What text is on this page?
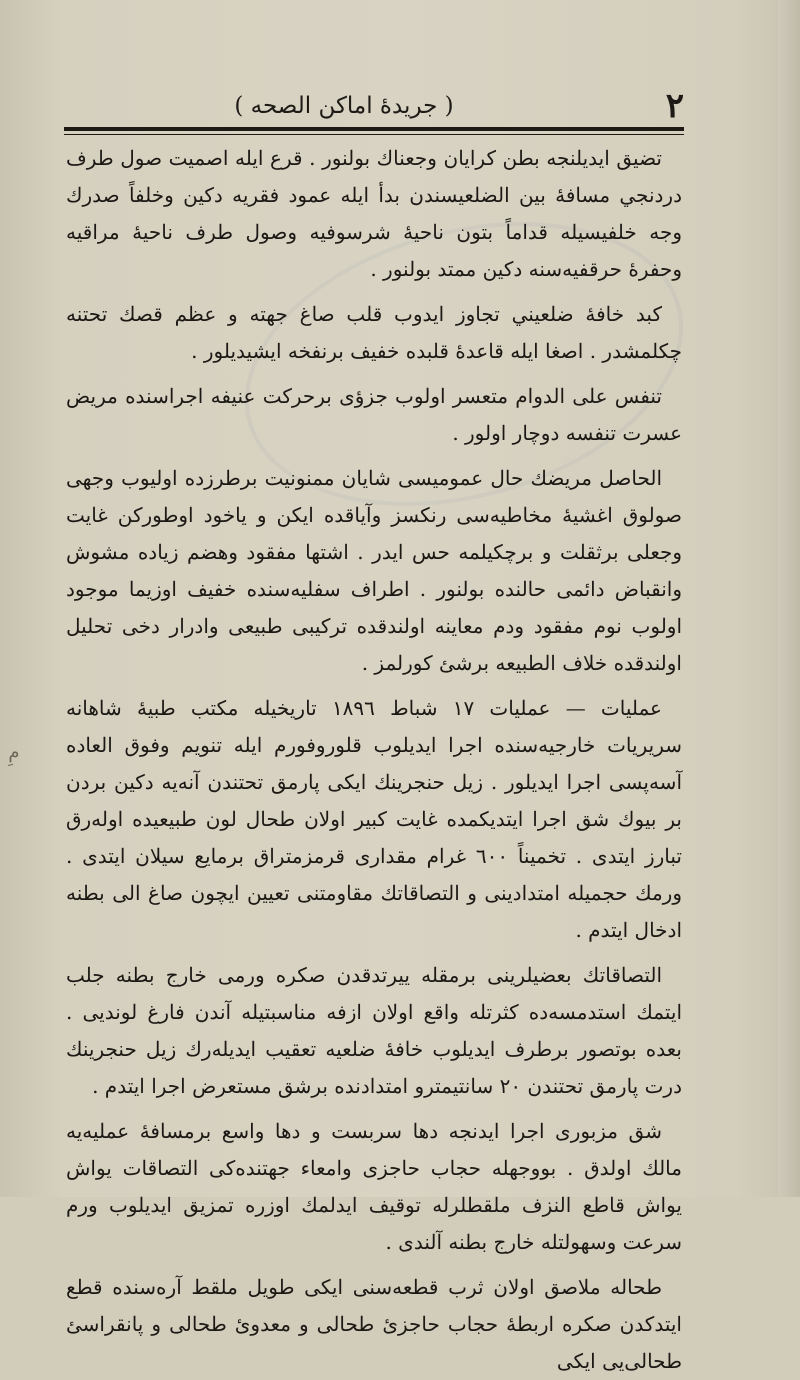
۲
( جريدهٔ اماكن الصحه )
مِ

تضيق ايديلنجه بطن كرايان وجعناك بولنور . قرع ايله اصميت صول طرف دردنجي مسافهٔ بين الضلعيسندن بدأ ايله عمود فقريه دكين وخلفاً صدرك وجه خلفيسيله قداماً بتون ناحيهٔ شرسوفيه وصول طرف ناحيهٔ مراقيه وحفرهٔ حرقفيه‌سنه دكين ممتد بولنور .

كبد خافهٔ ضلعيني تجاوز ايدوب قلب صاغ جهته و عظم قصك تحتنه چكلمشدر . اصغا ايله قاعدهٔ قلبده خفيف برنفخه ايشيديلور .

تنفس على الدوام متعسر اولوب جزؤى برحركت عنيفه اجراسنده مريض عسرت تنفسه دوچار اولور .

الحاصل مريضك حال عموميسى شايان ممنونيت برطرزده اوليوب وجهى صولوق اغشيهٔ مخاطيه‌سى رنكسز وآياقده ايكن و ياخود اوطوركن غايت وجعلى برثقلت و برچكيلمه حس ايدر . اشتها مفقود وهضم زياده مشوش وانقباض دائمى حالنده بولنور . اطراف سفليه‌سنده خفيف اوزيما موجود اولوب نوم مفقود ودم معاينه اولندقده تركيبى طبيعى وادرار دخى تحليل اولندقده خلاف الطبيعه برشئ كورلمز .

عمليات — عمليات ۱۷ شباط ۱۸۹٦ تاريخيله مكتب طبيهٔ شاهانه سريريات خارجيه‌سنده اجرا ايديلوب قلوروفورم ايله تنويم وفوق العاده آسه‌پسى اجرا ايديلور . زيل حنجرينك ايكى پارمق تحتندن آنه‌يه دكين بردن بر بيوك شق اجرا ايتديكمده غايت كبير اولان طحال لون طبيعيده اوله‌رق تبارز ايتدى . تخميناً ٦۰۰ غرام مقدارى قرمزمتراق برمايع سيلان ايتدى . ورمك حجميله امتدادينى و التصاقاتك مقاومتنى تعيين ايچون صاغ الى بطنه ادخال ايتدم .

التصاقاتك بعضيلرينى برمقله ييرتدقدن صكره ورمى خارج بطنه جلب ايتمك استدمسه‌ده كثرتله واقع اولان ازفه مناسبتيله آندن فارغ لونديى . بعده بوتصور برطرف ايديلوب خافهٔ ضلعيه تعقيب ايديله‌رك زيل حنجرينك درت پارمق تحتندن ۲۰ سانتيمترو امتدادنده برشق مستعرض اجرا ايتدم .

شق مزبورى اجرا ايدنجه دها سربست و دها واسع برمسافهٔ عمليه‌يه مالك اولدق . بووجهله حجاب حاجزى وامعاء جهتنده‌كى التصاقات يواش يواش قاطع النزف ملقطلرله توقيف ايدلمك اوزره تمزيق ايديلوب ورم سرعت وسهولتله خارج بطنه آلندى .

طحاله ملاصق اولان ثرب قطعه‌سنى ايكى طويل ملقط آره‌سنده قطع ايتدكدن صكره اربطهٔ حجاب حاجزئ طحالى و معدوئ طحالى و پانقراسئ طحالى‌يى ايكى
